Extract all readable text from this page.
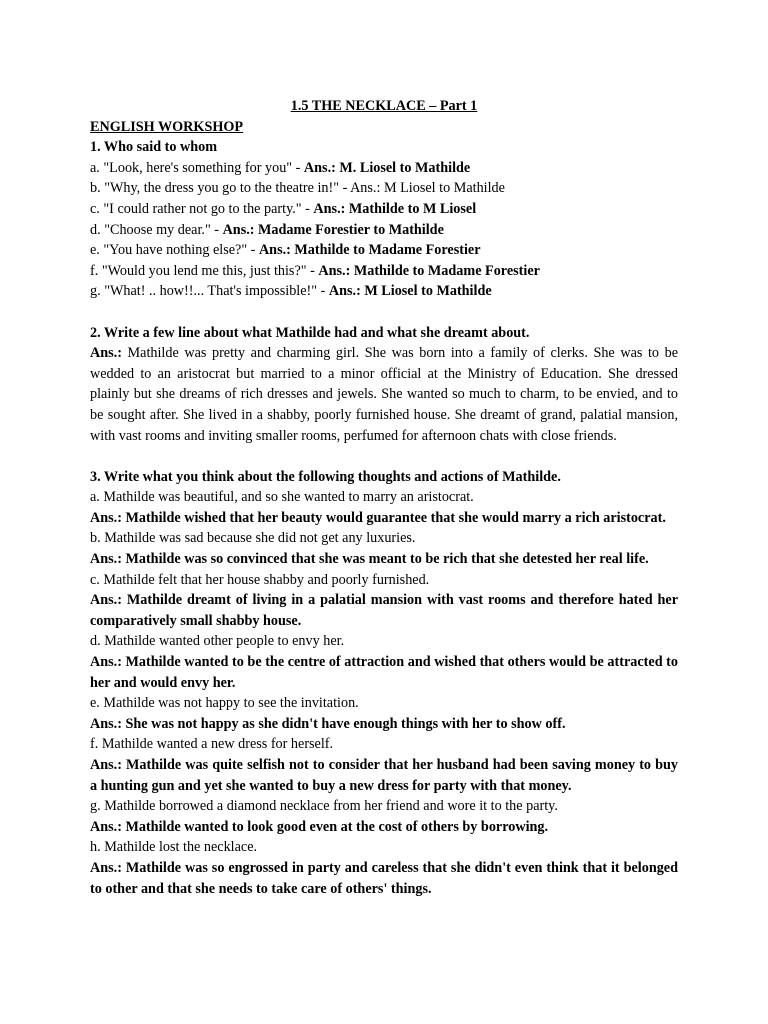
1.5 THE NECKLACE – Part 1

ENGLISH WORKSHOP

1. Who said to whom

a. "Look, here's something for you" - Ans.: M. Liosel to Mathilde

b. "Why, the dress you go to the theatre in!" - Ans.: M Liosel to Mathilde

c. "I could rather not go to the party." - Ans.: Mathilde to M Liosel

d. "Choose my dear." - Ans.: Madame Forestier to Mathilde

e. "You have nothing else?" - Ans.: Mathilde to Madame Forestier

f. "Would you lend me this, just this?" - Ans.: Mathilde to Madame Forestier

g. "What! .. how!!... That's impossible!" - Ans.: M Liosel to Mathilde

2. Write a few line about what Mathilde had and what she dreamt about.

Ans.: Mathilde was pretty and charming girl. She was born into a family of clerks. She was to be wedded to an aristocrat but married to a minor official at the Ministry of Education. She dressed plainly but she dreams of rich dresses and jewels. She wanted so much to charm, to be envied, and to be sought after. She lived in a shabby, poorly furnished house. She dreamt of grand, palatial mansion, with vast rooms and inviting smaller rooms, perfumed for afternoon chats with close friends.

3. Write what you think about the following thoughts and actions of Mathilde.

a. Mathilde was beautiful, and so she wanted to marry an aristocrat.

Ans.: Mathilde wished that her beauty would guarantee that she would marry a rich aristocrat.

b. Mathilde was sad because she did not get any luxuries.

Ans.: Mathilde was so convinced that she was meant to be rich that she detested her real life.

c. Mathilde felt that her house shabby and poorly furnished.

Ans.: Mathilde dreamt of living in a palatial mansion with vast rooms and therefore hated her comparatively small shabby house.

d. Mathilde wanted other people to envy her.

Ans.: Mathilde wanted to be the centre of attraction and wished that others would be attracted to her and would envy her.

e. Mathilde was not happy to see the invitation.

Ans.: She was not happy as she didn't have enough things with her to show off.

f. Mathilde wanted a new dress for herself.

Ans.: Mathilde was quite selfish not to consider that her husband had been saving money to buy a hunting gun and yet she wanted to buy a new dress for party with that money.

g. Mathilde borrowed a diamond necklace from her friend and wore it to the party.

Ans.: Mathilde wanted to look good even at the cost of others by borrowing.

h. Mathilde lost the necklace.

Ans.: Mathilde was so engrossed in party and careless that she didn't even think that it belonged to other and that she needs to take care of others' things.
